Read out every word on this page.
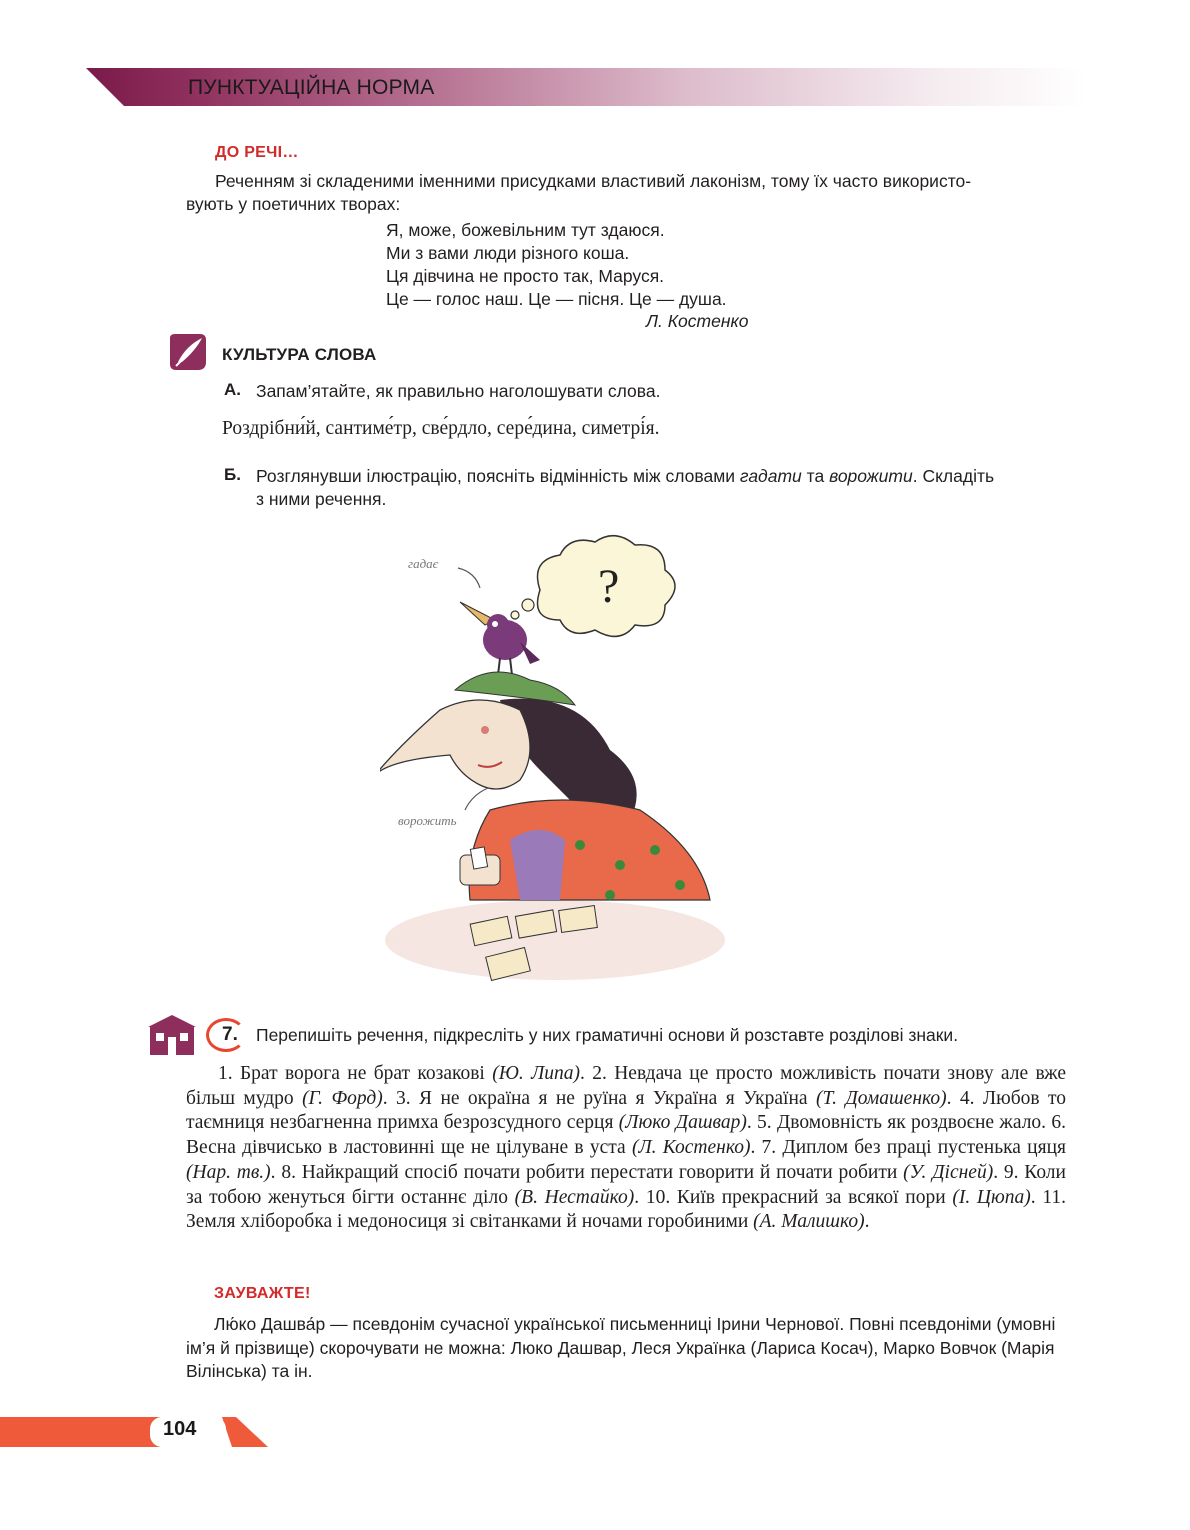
ПУНКТУАЦІЙНА НОРМА
ДО РЕЧІ…
Реченням зі складеними іменними присудками властивий лаконізм, тому їх часто використо-
вують у поетичних творах:
Я, може, божевільним тут здаюся.
Ми з вами люди різного коша.
Ця дівчина не просто так, Маруся.
Це — голос наш. Це — пісня. Це — душа.
Л. Костенко
КУЛЬТУРА СЛОВА
А. Запам’ятайте, як правильно наголошувати слова.
Роздрібни́й, сантиме́тр, све́рдло, сере́дина, симетрі́я.
Б. Розглянувши ілюстрацію, поясніть відмінність між словами гадати та ворожити. Складіть
з ними речення.
?
гадає
ворожить
7. Перепишіть речення, підкресліть у них граматичні основи й розставте розділові знаки.

1. Брат ворога не брат козакові (Ю. Липа). 2. Невдача це просто можливість почати знову але вже більш мудро (Г. Форд). 3. Я не окраїна я не руїна я Україна я Україна (Т. Домашенко). 4. Любов то таємниця незбагненна примха безрозсудного серця (Люко Дашвар). 5. Двомовність як роздвоєне жало. 6. Весна дівчисько в ластовинні ще не цілуване в уста (Л. Костенко). 7. Диплом без праці пустенька цяця (Нар. тв.). 8. Найкращий спосіб почати робити перестати говорити й почати робити (У. Дісней). 9. Коли за тобою женуться бігти останнє діло (В. Нестайко). 10. Київ прекрасний за всякої пори (І. Цюпа). 11. Земля хліборобка і медоносиця зі світанками й ночами горобиними (А. Малишко).

ЗАУВАЖТЕ!

Лю́ко Дашва́р — псевдонім сучасної української письменниці Ірини Чернової. Повні псевдоніми (умовні ім’я й прізвище) скорочувати не можна: Люко Дашвар, Леся Українка (Лариса Косач), Марко Вовчок (Марія Вілінська) та ін.

104
